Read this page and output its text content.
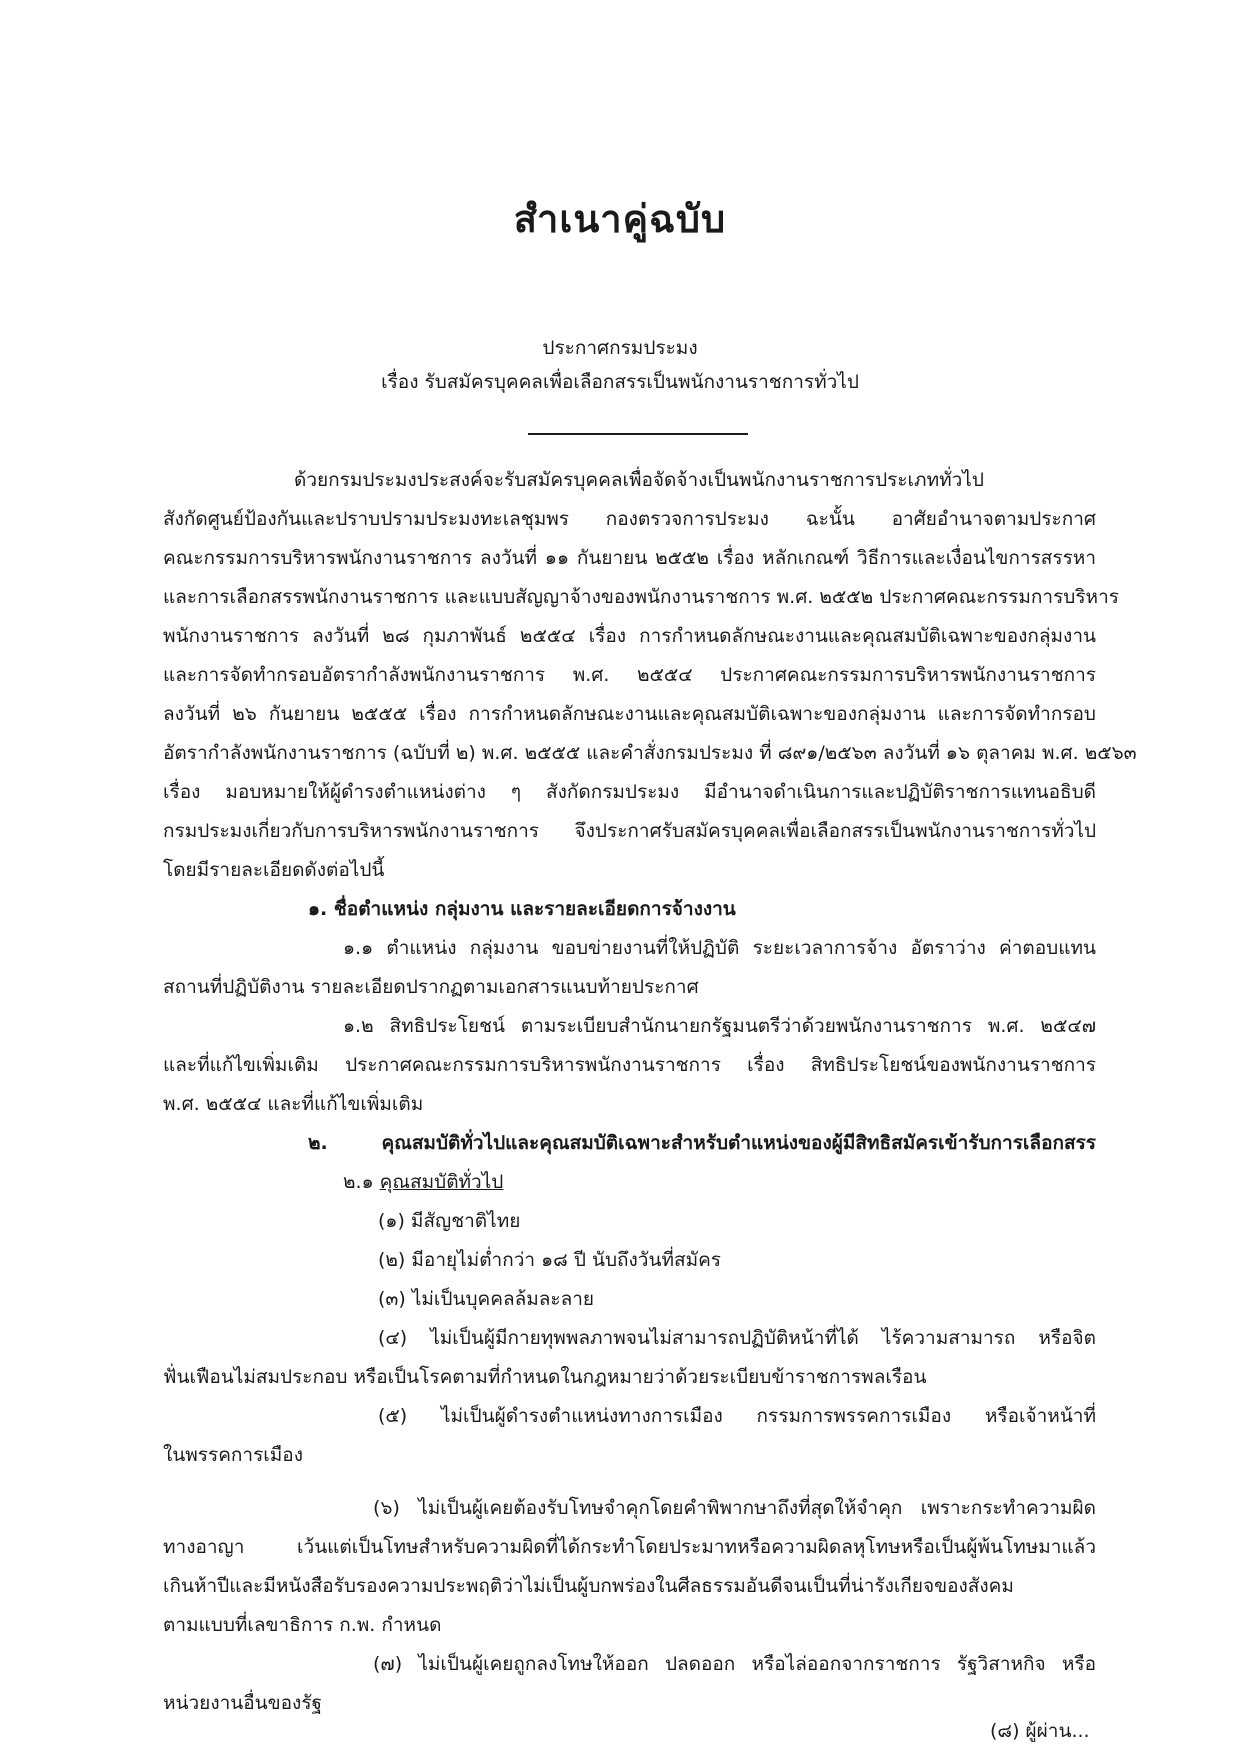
สำเนาคู่ฉบับ
ประกาศกรมประมง
เรื่อง รับสมัครบุคคลเพื่อเลือกสรรเป็นพนักงานราชการทั่วไป
ด้วยกรมประมงประสงค์จะรับสมัครบุคคลเพื่อจัดจ้างเป็นพนักงานราชการประเภททั่วไป
สังกัดศูนย์ป้องกันและปราบปรามประมงทะเลชุมพร กองตรวจการประมง ฉะนั้น อาศัยอำนาจตามประกาศ
คณะกรรมการบริหารพนักงานราชการ ลงวันที่ ๑๑ กันยายน ๒๕๕๒ เรื่อง หลักเกณฑ์ วิธีการและเงื่อนไขการสรรหา
และการเลือกสรรพนักงานราชการ และแบบสัญญาจ้างของพนักงานราชการ พ.ศ. ๒๕๕๒ ประกาศคณะกรรมการบริหาร
พนักงานราชการ ลงวันที่ ๒๘ กุมภาพันธ์ ๒๕๕๔ เรื่อง การกำหนดลักษณะงานและคุณสมบัติเฉพาะของกลุ่มงาน
และการจัดทำกรอบอัตรากำลังพนักงานราชการ พ.ศ. ๒๕๕๔ ประกาศคณะกรรมการบริหารพนักงานราชการ
ลงวันที่ ๒๖ กันยายน ๒๕๕๕ เรื่อง การกำหนดลักษณะงานและคุณสมบัติเฉพาะของกลุ่มงาน และการจัดทำกรอบ
อัตรากำลังพนักงานราชการ (ฉบับที่ ๒) พ.ศ. ๒๕๕๕ และคำสั่งกรมประมง ที่ ๘๙๑/๒๕๖๓ ลงวันที่ ๑๖ ตุลาคม พ.ศ. ๒๕๖๓
เรื่อง มอบหมายให้ผู้ดำรงตำแหน่งต่าง ๆ สังกัดกรมประมง มีอำนาจดำเนินการและปฏิบัติราชการแทนอธิบดี
กรมประมงเกี่ยวกับการบริหารพนักงานราชการ จึงประกาศรับสมัครบุคคลเพื่อเลือกสรรเป็นพนักงานราชการทั่วไป
โดยมีรายละเอียดดังต่อไปนี้
๑. ชื่อตำแหน่ง กลุ่มงาน และรายละเอียดการจ้างงาน
๑.๑ ตำแหน่ง กลุ่มงาน ขอบข่ายงานที่ให้ปฏิบัติ ระยะเวลาการจ้าง อัตราว่าง ค่าตอบแทน
สถานที่ปฏิบัติงาน รายละเอียดปรากฏตามเอกสารแนบท้ายประกาศ
๑.๒ สิทธิประโยชน์ ตามระเบียบสำนักนายกรัฐมนตรีว่าด้วยพนักงานราชการ พ.ศ. ๒๕๔๗
และที่แก้ไขเพิ่มเติม ประกาศคณะกรรมการบริหารพนักงานราชการ เรื่อง สิทธิประโยชน์ของพนักงานราชการ
พ.ศ. ๒๕๕๔ และที่แก้ไขเพิ่มเติม
๒. คุณสมบัติทั่วไปและคุณสมบัติเฉพาะสำหรับตำแหน่งของผู้มีสิทธิสมัครเข้ารับการเลือกสรร
๒.๑ คุณสมบัติทั่วไป
(๑) มีสัญชาติไทย
(๒) มีอายุไม่ต่ำกว่า ๑๘ ปี นับถึงวันที่สมัคร
(๓) ไม่เป็นบุคคลล้มละลาย
(๔) ไม่เป็นผู้มีกายทุพพลภาพจนไม่สามารถปฏิบัติหน้าที่ได้ ไร้ความสามารถ หรือจิต
ฟั่นเฟือนไม่สมประกอบ หรือเป็นโรคตามที่กำหนดในกฎหมายว่าด้วยระเบียบข้าราชการพลเรือน
(๕) ไม่เป็นผู้ดำรงตำแหน่งทางการเมือง กรรมการพรรคการเมือง หรือเจ้าหน้าที่
ในพรรคการเมือง
(๖) ไม่เป็นผู้เคยต้องรับโทษจำคุกโดยคำพิพากษาถึงที่สุดให้จำคุก เพราะกระทำความผิด
ทางอาญา เว้นแต่เป็นโทษสำหรับความผิดที่ได้กระทำโดยประมาทหรือความผิดลหุโทษหรือเป็นผู้พ้นโทษมาแล้ว
เกินห้าปีและมีหนังสือรับรองความประพฤติว่าไม่เป็นผู้บกพร่องในศีลธรรมอันดีจนเป็นที่น่ารังเกียจของสังคม
ตามแบบที่เลขาธิการ ก.พ. กำหนด
(๗) ไม่เป็นผู้เคยถูกลงโทษให้ออก ปลดออก หรือไล่ออกจากราชการ รัฐวิสาหกิจ หรือ
หน่วยงานอื่นของรัฐ
(๘) ผู้ผ่าน...
